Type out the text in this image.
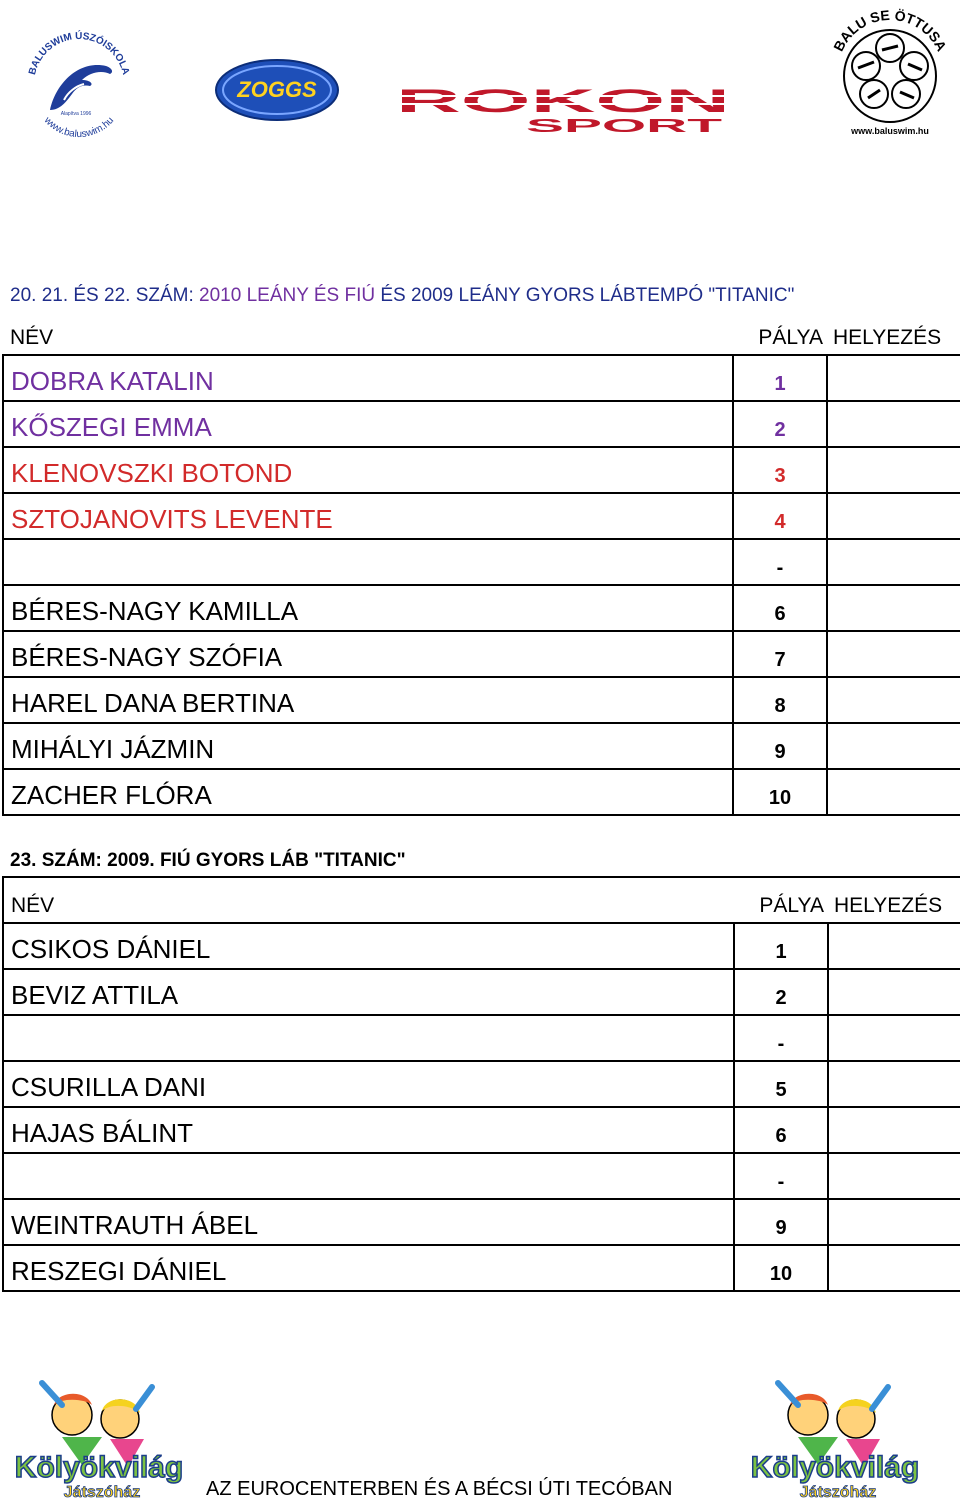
BALUSWIM ÚSZÓISKOLA
www.baluswim.hu
Alapítva 1996
ZOGGS ROKON
SPORT
BALU SE ÖTTUSA
www.baluswim.hu
20. 21. ÉS 22. SZÁM: 2010 LEÁNY ÉS FIÚ ÉS 2009 LEÁNY GYORS LÁBTEMPÓ "TITANIC"
NÉV	PÁLYA	HELYEZÉS
DOBRA KATALIN	1	
KŐSZEGI EMMA	2	
KLENOVSZKI BOTOND	3	
SZTOJANOVITS LEVENTE	4	
	-	
BÉRES-NAGY KAMILLA	6	
BÉRES-NAGY SZÓFIA	7	
HAREL DANA BERTINA	8	
MIHÁLYI JÁZMIN	9	
ZACHER FLÓRA	10	
23. SZÁM: 2009. FIÚ GYORS LÁB "TITANIC"
NÉV	PÁLYA	HELYEZÉS
CSIKOS DÁNIEL	1	
BEVIZ ATTILA	2	
	-	
CSURILLA DANI	5	
HAJAS BÁLINT	6	
	-	
WEINTRAUTH ÁBEL	9	
RESZEGI DÁNIEL	10	
Kölyökvilág
Játszóház	AZ EUROCENTERBEN ÉS A BÉCSI ÚTI TECÓBAN
Kölyökvilág
Játszóház
